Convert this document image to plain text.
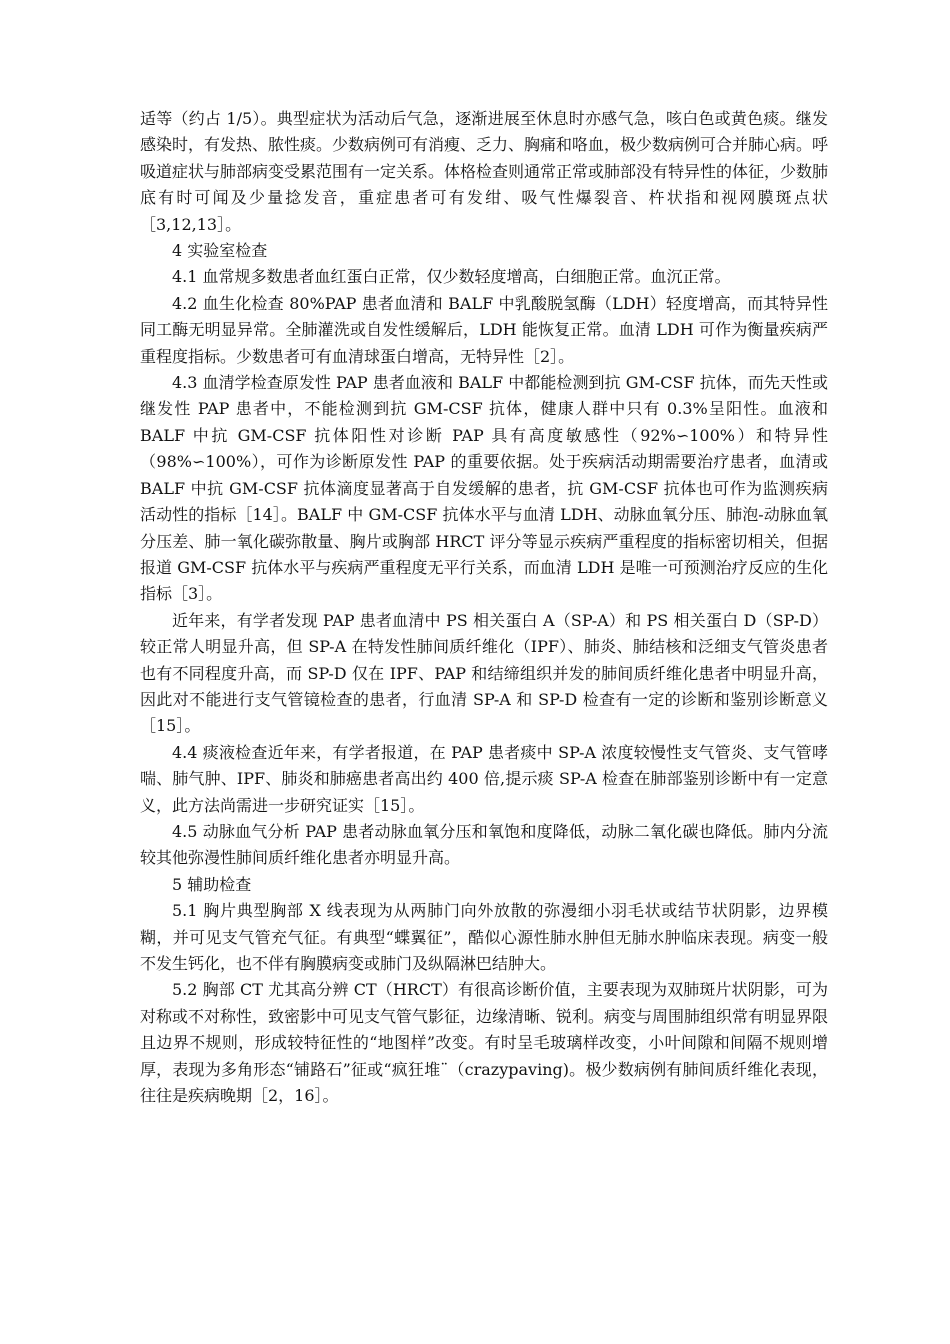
适等（约占 1/5）。典型症状为活动后气急，逐渐进展至休息时亦感气急，咳白色或黄色痰。继发感染时，有发热、脓性痰。少数病例可有消瘦、乏力、胸痛和咯血，极少数病例可合并肺心病。呼吸道症状与肺部病变受累范围有一定关系。体格检查则通常正常或肺部没有特异性的体征，少数肺底有时可闻及少量捻发音，重症患者可有发绀、吸气性爆裂音、杵状指和视网膜斑点状［3,12,13］。

4 实验室检查

4.1 血常规多数患者血红蛋白正常，仅少数轻度增高，白细胞正常。血沉正常。

4.2 血生化检查 80%PAP 患者血清和 BALF 中乳酸脱氢酶（LDH）轻度增高，而其特异性同工酶无明显异常。全肺灌洗或自发性缓解后，LDH 能恢复正常。血清 LDH 可作为衡量疾病严重程度指标。少数患者可有血清球蛋白增高，无特异性［2］。

4.3 血清学检查原发性 PAP 患者血液和 BALF 中都能检测到抗 GM-CSF 抗体，而先天性或继发性 PAP 患者中，不能检测到抗 GM-CSF 抗体，健康人群中只有 0.3%呈阳性。血液和 BALF 中抗 GM-CSF 抗体阳性对诊断 PAP 具有高度敏感性（92%∽100%）和特异性（98%∽100%），可作为诊断原发性 PAP 的重要依据。处于疾病活动期需要治疗患者，血清或 BALF 中抗 GM-CSF 抗体滴度显著高于自发缓解的患者，抗 GM-CSF 抗体也可作为监测疾病活动性的指标［14］。BALF 中 GM-CSF 抗体水平与血清 LDH、动脉血氧分压、肺泡-动脉血氧分压差、肺一氧化碳弥散量、胸片或胸部 HRCT 评分等显示疾病严重程度的指标密切相关，但据报道 GM-CSF 抗体水平与疾病严重程度无平行关系，而血清 LDH 是唯一可预测治疗反应的生化指标［3］。

近年来，有学者发现 PAP 患者血清中 PS 相关蛋白 A（SP-A）和 PS 相关蛋白 D（SP-D）较正常人明显升高，但 SP-A 在特发性肺间质纤维化（IPF）、肺炎、肺结核和泛细支气管炎患者也有不同程度升高，而 SP-D 仅在 IPF、PAP 和结缔组织并发的肺间质纤维化患者中明显升高，因此对不能进行支气管镜检查的患者，行血清 SP-A 和 SP-D 检查有一定的诊断和鉴别诊断意义［15］。

4.4 痰液检查近年来，有学者报道，在 PAP 患者痰中 SP-A 浓度较慢性支气管炎、支气管哮喘、肺气肿、IPF、肺炎和肺癌患者高出约 400 倍,提示痰 SP-A 检查在肺部鉴别诊断中有一定意义，此方法尚需进一步研究证实［15］。

4.5 动脉血气分析 PAP 患者动脉血氧分压和氧饱和度降低，动脉二氧化碳也降低。肺内分流较其他弥漫性肺间质纤维化患者亦明显升高。

5 辅助检查

5.1 胸片典型胸部 X 线表现为从两肺门向外放散的弥漫细小羽毛状或结节状阴影，边界模糊，并可见支气管充气征。有典型“蝶翼征”，酷似心源性肺水肿但无肺水肿临床表现。病变一般不发生钙化，也不伴有胸膜病变或肺门及纵隔淋巴结肿大。

5.2 胸部 CT 尤其高分辨 CT（HRCT）有很高诊断价值，主要表现为双肺斑片状阴影，可为对称或不对称性，致密影中可见支气管气影征，边缘清晰、锐利。病变与周围肺组织常有明显界限且边界不规则，形成较特征性的“地图样”改变。有时呈毛玻璃样改变，小叶间隙和间隔不规则增厚，表现为多角形态“铺路石”征或“疯狂堆¨（crazypaving)。极少数病例有肺间质纤维化表现，往往是疾病晚期［2，16］。
